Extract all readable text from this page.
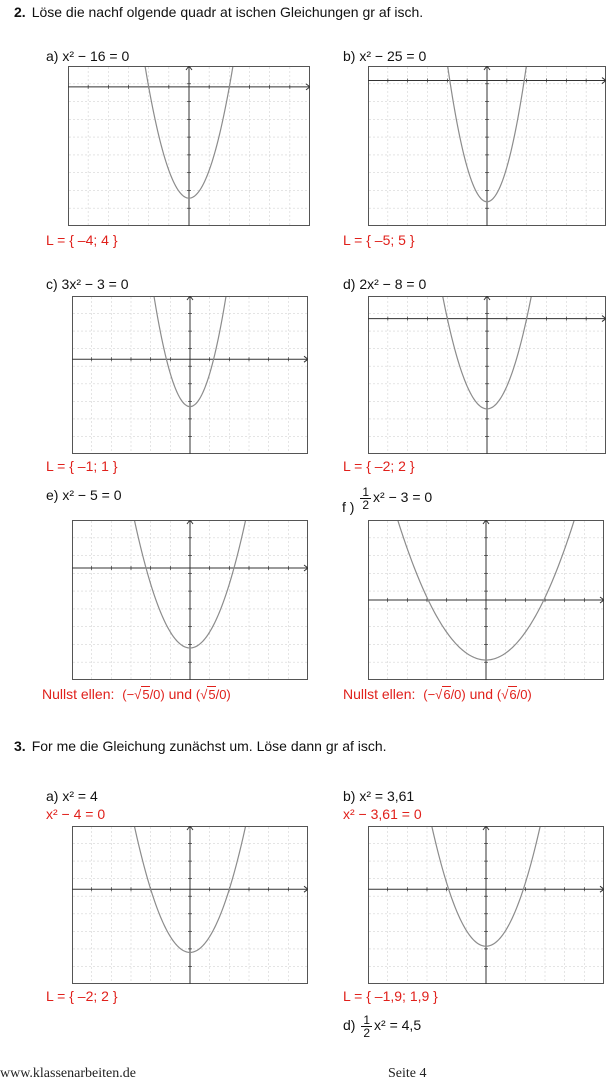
2. Löse die nachf olgende quadr at ischen Gleichungen gr af isch.
a) x² − 16 = 0
L = { –4; 4 }
b) x² − 25 = 0
L = { –5; 5 }
c) 3x² − 3 = 0
L = { –1; 1 }
d) 2x² − 8 = 0
L = { –2; 2 }
e) x² − 5 = 0
Nullst ellen: (−√5/0) und (√5/0)
f ) $\frac{1}{2} x^2 - 3 = 0$
Nullst ellen: (−√6/0) und (√6/0)
3. For me die Gleichung zunächst um. Löse dann gr af isch.
a) x² = 4
x² − 4 = 0
L = { –2; 2 }
b) x² = 3,61
x² − 3,61 = 0
L = { –1,9; 1,9 }
$d) \frac{1}{2} x^2 = 4,5$
www.klassenarbeiten.de	Seite 4
